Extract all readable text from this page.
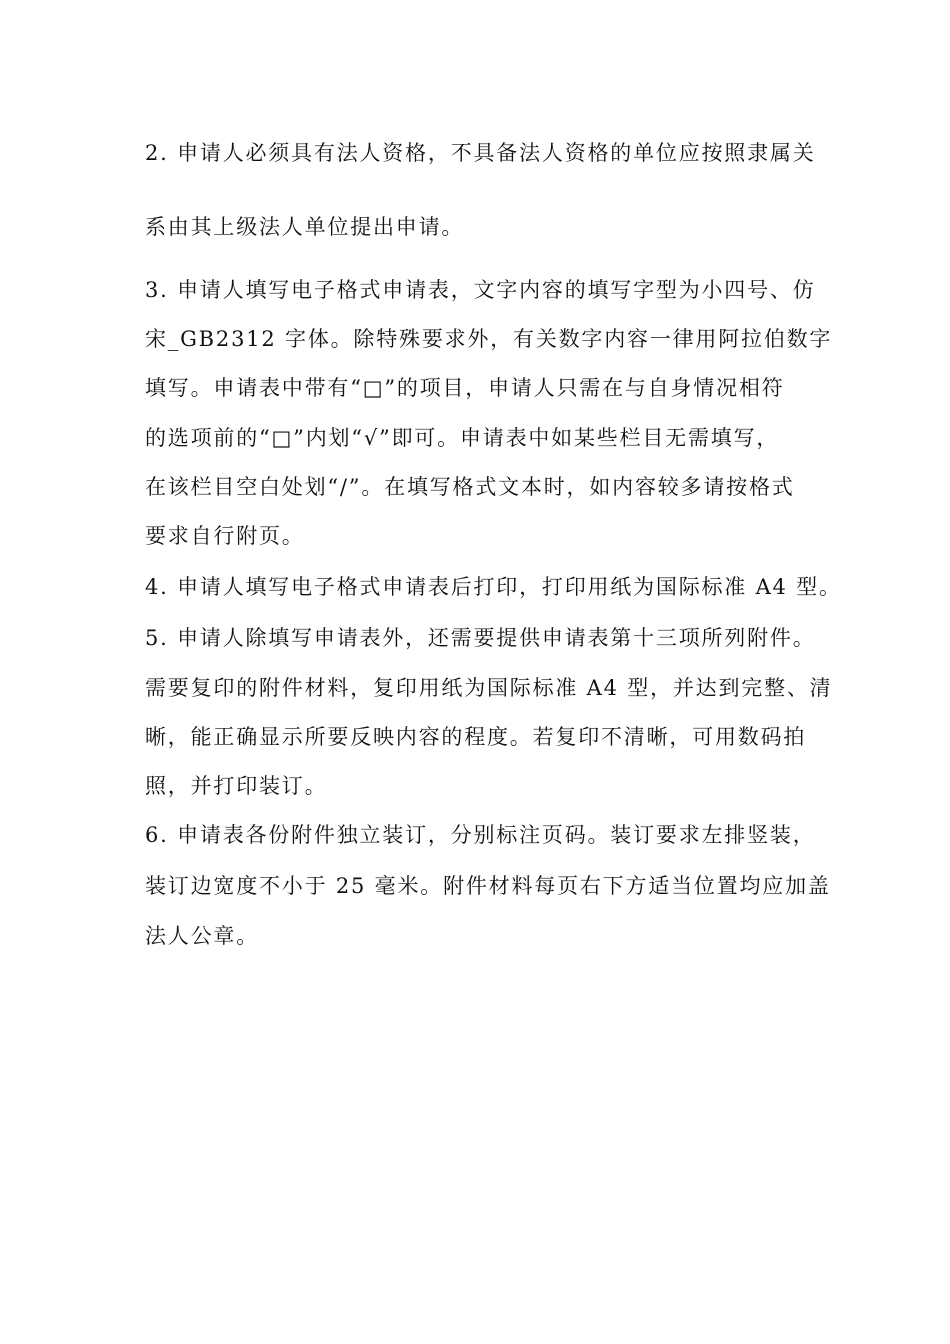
2. 申请人必须具有法人资格，不具备法人资格的单位应按照隶属关
系由其上级法人单位提出申请。
3. 申请人填写电子格式申请表，文字内容的填写字型为小四号、仿
宋_GB2312 字体。除特殊要求外，有关数字内容一律用阿拉伯数字
填写。申请表中带有“□”的项目，申请人只需在与自身情况相符
的选项前的“□”内划“√”即可。申请表中如某些栏目无需填写，
在该栏目空白处划“/”。在填写格式文本时，如内容较多请按格式
要求自行附页。
4. 申请人填写电子格式申请表后打印，打印用纸为国际标准 A4 型。
5. 申请人除填写申请表外，还需要提供申请表第十三项所列附件。
需要复印的附件材料，复印用纸为国际标准 A4 型，并达到完整、清
晰，能正确显示所要反映内容的程度。若复印不清晰，可用数码拍
照，并打印装订。
6. 申请表各份附件独立装订，分别标注页码。装订要求左排竖装，
装订边宽度不小于 25 毫米。附件材料每页右下方适当位置均应加盖
法人公章。
